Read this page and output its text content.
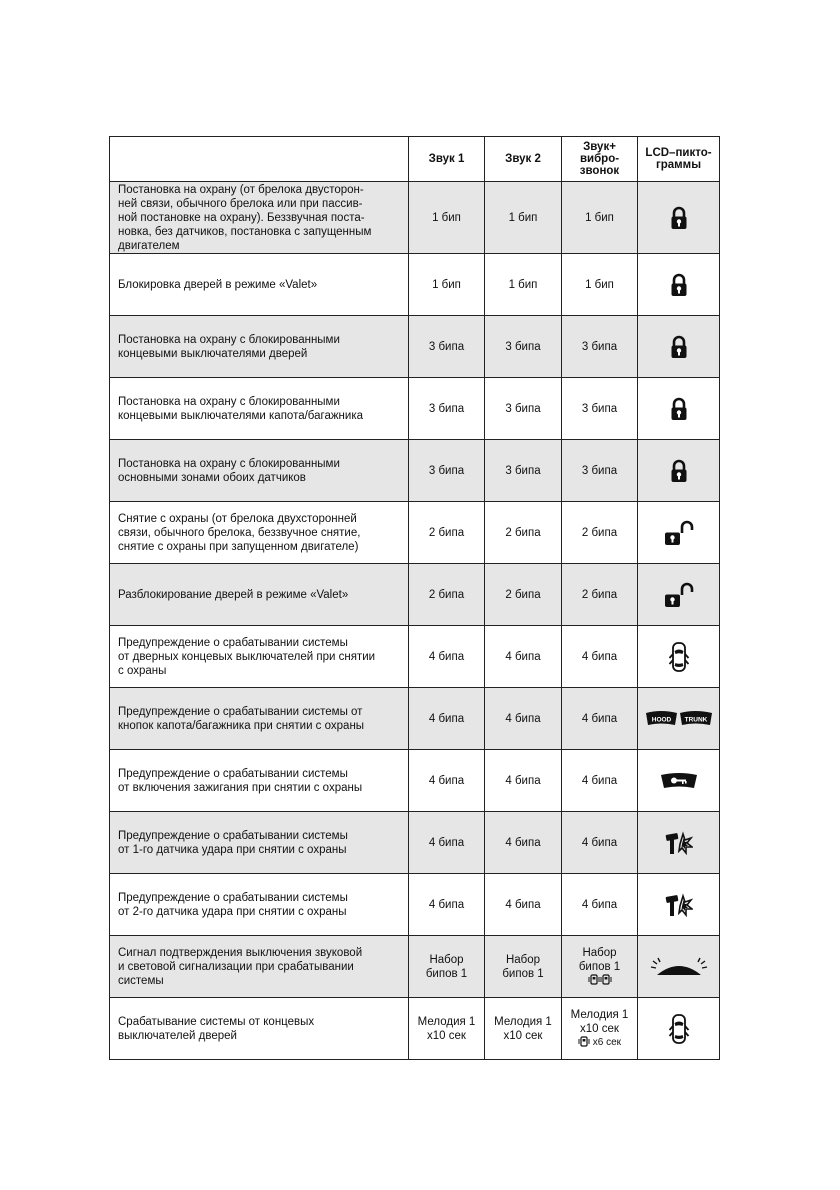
	Звук 1	Звук 2	Звук+
вибро-
звонок	LCD–пикто-
граммы
Постановка на охрану (от брелока двусторон-
ней связи, обычного брелока или при пассив-
ной постановке на охрану). Беззвучная поста-
новка, без датчиков, постановка с запущенным
двигателем	1 бип	1 бип	1 бип	
Блокировка дверей в режиме «Valet»	1 бип	1 бип	1 бип	
Постановка на охрану с блокированными
концевыми выключателями дверей	3 бипа	3 бипа	3 бипа	
Постановка на охрану с блокированными
концевыми выключателями капота/багажника	3 бипа	3 бипа	3 бипа	
Постановка на охрану с блокированными
основными зонами обоих датчиков	3 бипа	3 бипа	3 бипа	
Снятие с охраны (от брелока двухсторонней
связи, обычного брелока, беззвучное снятие,
снятие с охраны при запущенном двигателе)	2 бипа	2 бипа	2 бипа	
Разблокирование дверей в режиме «Valet»	2 бипа	2 бипа	2 бипа	
Предупреждение о срабатывании системы
от дверных концевых выключателей при снятии
с охраны	4 бипа	4 бипа	4 бипа	
Предупреждение о срабатывании системы от
кнопок капота/багажника при снятии с охраны	4 бипа	4 бипа	4 бипа	HOOD TRUNK

Предупреждение о срабатывании системы
от включения зажигания при снятии с охраны	4 бипа	4 бипа	4 бипа	
Предупреждение о срабатывании системы
от 1-го датчика удара при снятии с охраны	4 бипа	4 бипа	4 бипа	
Предупреждение о срабатывании системы
от 2-го датчика удара при снятии с охраны	4 бипа	4 бипа	4 бипа	
Сигнал подтверждения выключения звуковой
и световой сигнализации при срабатывании
системы	Набор
бипов 1	Набор
бипов 1	Набор
бипов 1

Срабатывание системы от концевых
выключателей дверей	Мелодия 1
х10 сек	Мелодия 1
х10 сек	Мелодия 1
х10 сек
х6 сек
